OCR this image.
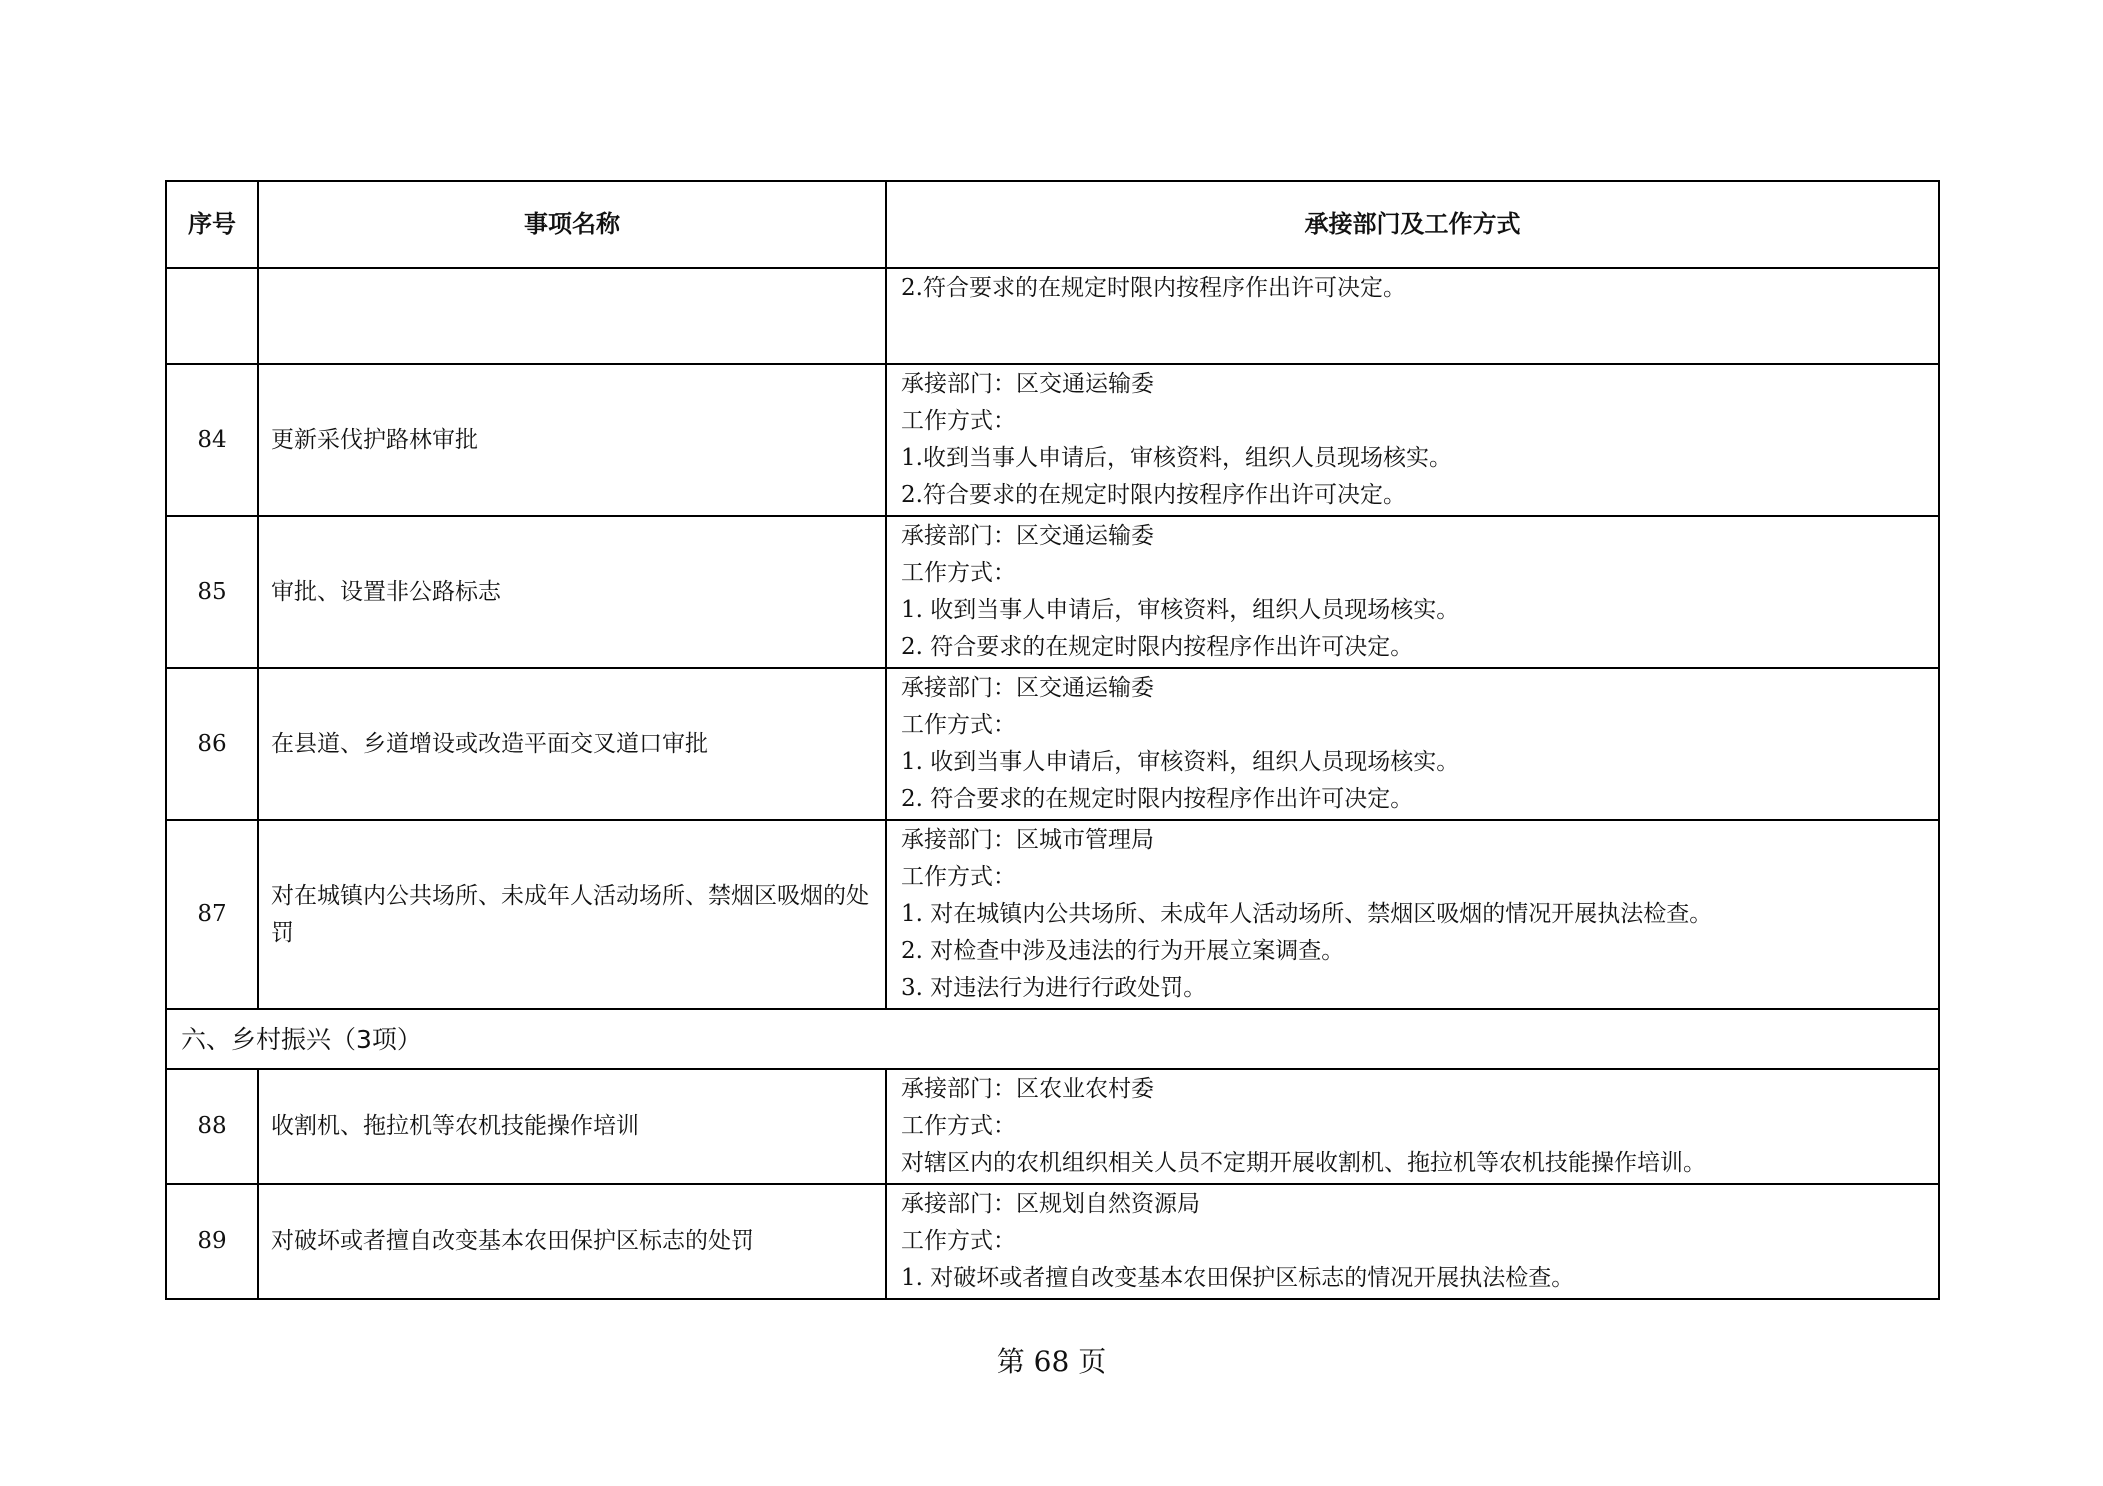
序号	事项名称	承接部门及工作方式

		2.符合要求的在规定时限内按程序作出许可决定。

84	更新采伐护路林审批	承接部门：区交通运输委
工作方式：
1.收到当事人申请后，审核资料，组织人员现场核实。
2.符合要求的在规定时限内按程序作出许可决定。

85	审批、设置非公路标志	承接部门：区交通运输委
工作方式：
1. 收到当事人申请后，审核资料，组织人员现场核实。
2. 符合要求的在规定时限内按程序作出许可决定。

86	在县道、乡道增设或改造平面交叉道口审批	承接部门：区交通运输委
工作方式：
1. 收到当事人申请后，审核资料，组织人员现场核实。
2. 符合要求的在规定时限内按程序作出许可决定。

87	对在城镇内公共场所、未成年人活动场所、禁烟区吸烟的处罚	承接部门：区城市管理局
工作方式：
1. 对在城镇内公共场所、未成年人活动场所、禁烟区吸烟的情况开展执法检查。
2. 对检查中涉及违法的行为开展立案调查。
3. 对违法行为进行行政处罚。

六、乡村振兴（3项）		
88	收割机、拖拉机等农机技能操作培训	承接部门：区农业农村委
工作方式：
对辖区内的农机组织相关人员不定期开展收割机、拖拉机等农机技能操作培训。

89	对破坏或者擅自改变基本农田保护区标志的处罚	承接部门：区规划自然资源局
工作方式：
1. 对破坏或者擅自改变基本农田保护区标志的情况开展执法检查。
第 68 页
